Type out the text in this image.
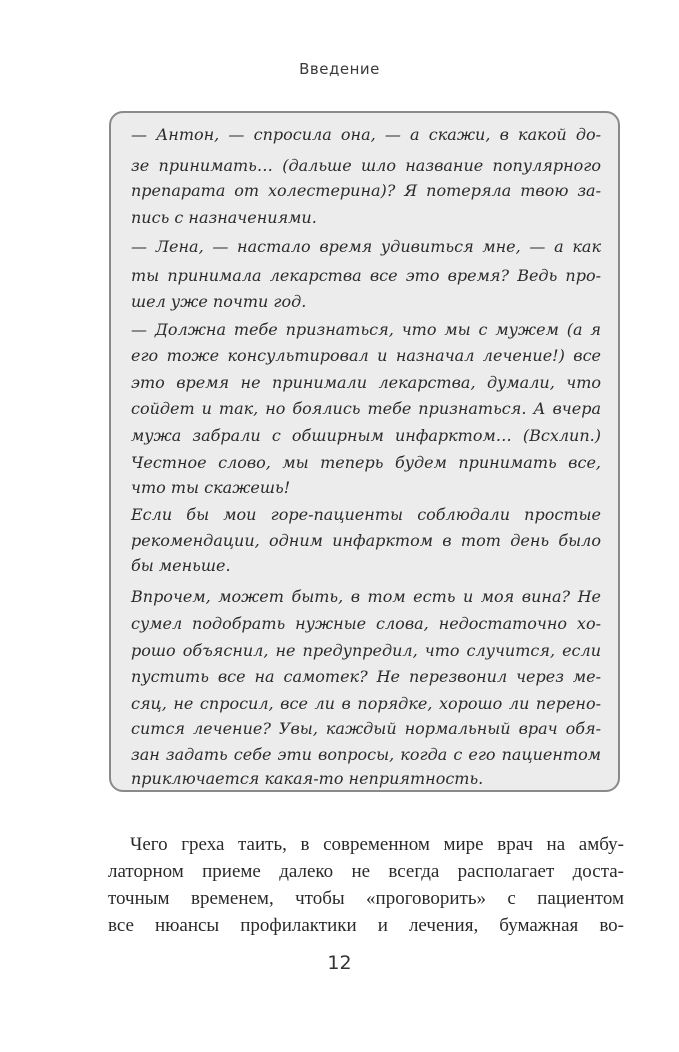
Введение
— Антон, — спросила она, — а скажи, в какой до-
зе принимать… (дальше шло название популярного
препарата от холестерина)? Я потеряла твою за-
пись с назначениями.
— Лена, — настало время удивиться мне, — а как
ты принимала лекарства все это время? Ведь про-
шел уже почти год.
— Должна тебе признаться, что мы с мужем (а я
его тоже консультировал и назначал лечение!) все
это время не принимали лекарства, думали, что
сойдет и так, но боялись тебе признаться. А вчера
мужа забрали с обширным инфарктом… (Всхлип.)
Честное слово, мы теперь будем принимать все,
что ты скажешь!
Если бы мои горе-пациенты соблюдали простые
рекомендации, одним инфарктом в тот день было
бы меньше.
Впрочем, может быть, в том есть и моя вина? Не
сумел подобрать нужные слова, недостаточно хо-
рошо объяснил, не предупредил, что случится, если
пустить все на самотек? Не перезвонил через ме-
сяц, не спросил, все ли в порядке, хорошо ли перено-
сится лечение? Увы, каждый нормальный врач обя-
зан задать себе эти вопросы, когда с его пациентом
приключается какая-то неприятность.
Чего греха таить, в современном мире врач на амбу-
латорном приеме далеко не всегда располагает доста-
точным временем, чтобы «проговорить» с пациентом
все нюансы профилактики и лечения, бумажная во-
12
